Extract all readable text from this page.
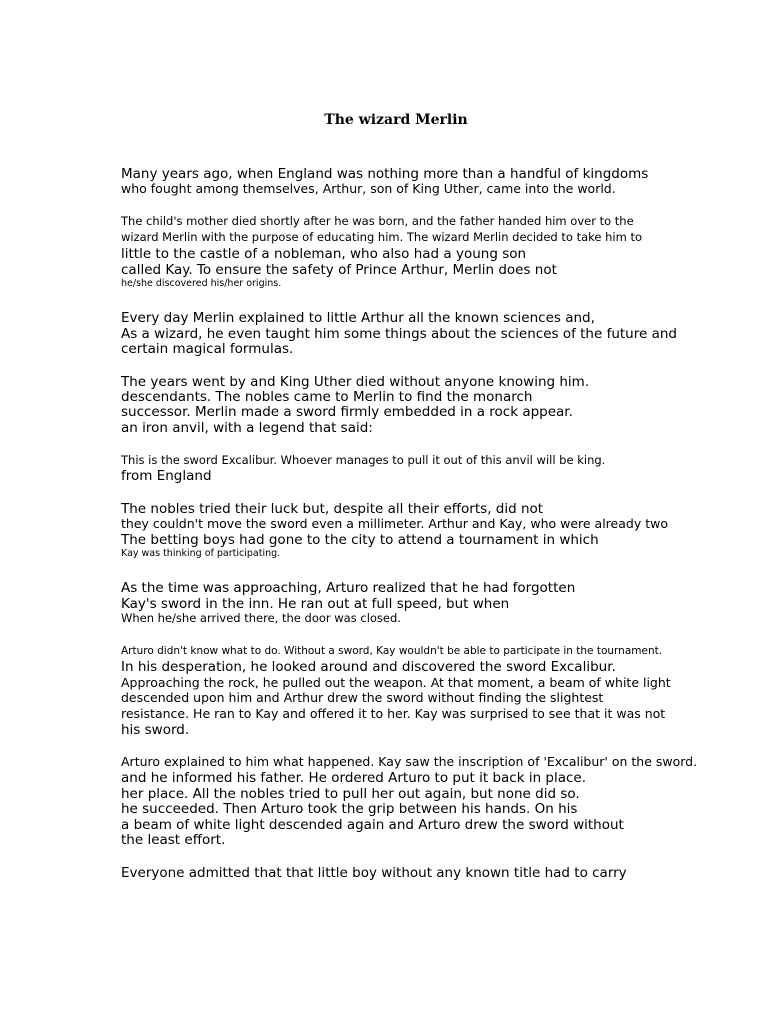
The wizard Merlin
Many years ago, when England was nothing more than a handful of kingdoms
who fought among themselves, Arthur, son of King Uther, came into the world.
The child's mother died shortly after he was born, and the father handed him over to the
wizard Merlin with the purpose of educating him. The wizard Merlin decided to take him to
little to the castle of a nobleman, who also had a young son
called Kay. To ensure the safety of Prince Arthur, Merlin does not
he/she discovered his/her origins.
Every day Merlin explained to little Arthur all the known sciences and,
As a wizard, he even taught him some things about the sciences of the future and
certain magical formulas.
The years went by and King Uther died without anyone knowing him.
descendants. The nobles came to Merlin to find the monarch
successor. Merlin made a sword firmly embedded in a rock appear.
an iron anvil, with a legend that said:
This is the sword Excalibur. Whoever manages to pull it out of this anvil will be king.
from England
The nobles tried their luck but, despite all their efforts, did not
they couldn't move the sword even a millimeter. Arthur and Kay, who were already two
The betting boys had gone to the city to attend a tournament in which
Kay was thinking of participating.
As the time was approaching, Arturo realized that he had forgotten
Kay's sword in the inn. He ran out at full speed, but when
When he/she arrived there, the door was closed.
Arturo didn't know what to do. Without a sword, Kay wouldn't be able to participate in the tournament.
In his desperation, he looked around and discovered the sword Excalibur.
Approaching the rock, he pulled out the weapon. At that moment, a beam of white light
descended upon him and Arthur drew the sword without finding the slightest
resistance. He ran to Kay and offered it to her. Kay was surprised to see that it was not
his sword.
Arturo explained to him what happened. Kay saw the inscription of 'Excalibur' on the sword.
and he informed his father. He ordered Arturo to put it back in place.
her place. All the nobles tried to pull her out again, but none did so.
he succeeded. Then Arturo took the grip between his hands. On his
a beam of white light descended again and Arturo drew the sword without
the least effort.
Everyone admitted that that little boy without any known title had to carry
